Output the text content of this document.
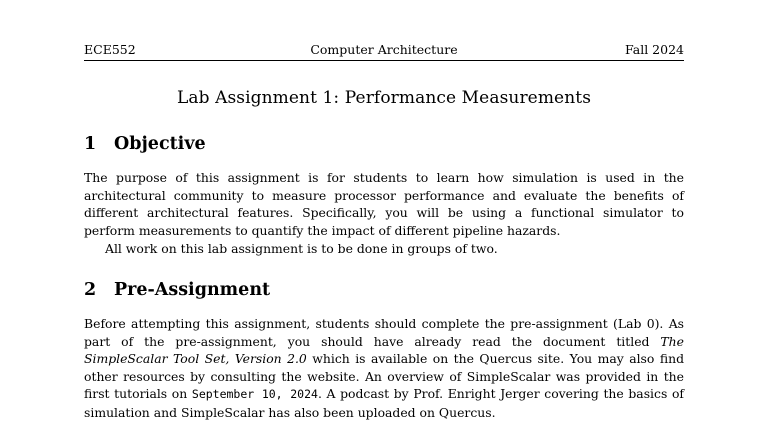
ECE552	Computer Architecture	Fall 2024
Lab Assignment 1: Performance Measurements
1 Objective
The purpose of this assignment is for students to learn how simulation is used in the architectural community to measure processor performance and evaluate the benefits of different architectural features. Specifically, you will be using a functional simulator to perform measurements to quantify the impact of different pipeline hazards.
All work on this lab assignment is to be done in groups of two.
2 Pre-Assignment
Before attempting this assignment, students should complete the pre-assignment (Lab 0). As part of the pre-assignment, you should have already read the document titled The SimpleScalar Tool Set, Version 2.0 which is available on the Quercus site. You may also find other resources by consulting the website. An overview of SimpleScalar was provided in the first tutorials on September 10, 2024. A podcast by Prof. Enright Jerger covering the basics of simulation and SimpleScalar has also been uploaded on Quercus.
